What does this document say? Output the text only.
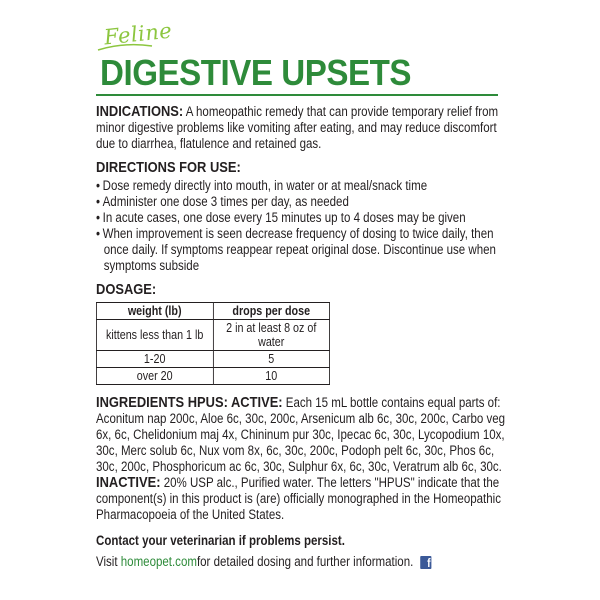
Feline
DIGESTIVE UPSETS

INDICATIONS: A homeopathic remedy that can provide temporary relief from minor digestive problems like vomiting after eating, and may reduce discomfort due to diarrhea, flatulence and retained gas.

DIRECTIONS FOR USE:
• Dose remedy directly into mouth, in water or at meal/snack time
• Administer one dose 3 times per day, as needed
• In acute cases, one dose every 15 minutes up to 4 doses may be given
• When improvement is seen decrease frequency of dosing to twice daily, then once daily. If symptoms reappear repeat original dose. Discontinue use when symptoms subside
DOSAGE:
weight (lb)	drops per dose
kittens less than 1 lb	2 in at least 8 oz of water
1-20	5
over 20	10

INGREDIENTS HPUS: ACTIVE: Each 15 mL bottle contains equal parts of: Aconitum nap 200c, Aloe 6c, 30c, 200c, Arsenicum alb 6c, 30c, 200c, Carbo veg 6x, 6c, Chelidonium maj 4x, Chininum pur 30c, Ipecac 6c, 30c, Lycopodium 10x, 30c, Merc solub 6c, Nux vom 8x, 6c, 30c, 200c, Podoph pelt 6c, 30c, Phos 6c, 30c, 200c, Phosphoricum ac 6c, 30c, Sulphur 6x, 6c, 30c, Veratrum alb 6c, 30c. INACTIVE: 20% USP alc., Purified water. The letters "HPUS" indicate that the component(s) in this product is (are) officially monographed in the Homeopathic Pharmacopoeia of the United States.

Contact your veterinarian if problems persist.
Visit
homeopet.com for detailed dosing and further information.	f
